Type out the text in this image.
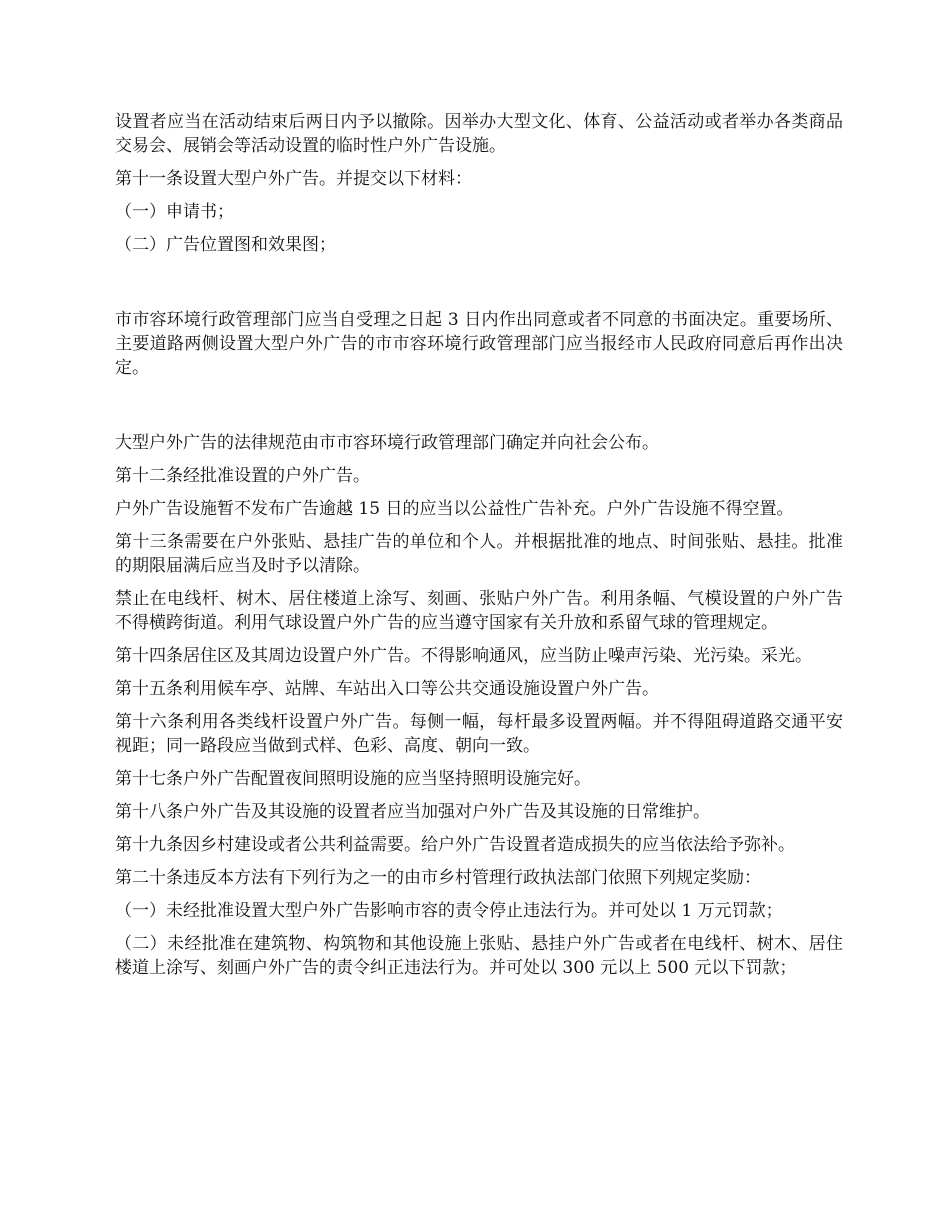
设置者应当在活动结束后两日内予以撤除。因举办大型文化、体育、公益活动或者举办各类商品交易会、展销会等活动设置的临时性户外广告设施。

第十一条设置大型户外广告。并提交以下材料：

（一）申请书；

（二）广告位置图和效果图；

市市容环境行政管理部门应当自受理之日起 3 日内作出同意或者不同意的书面决定。重要场所、主要道路两侧设置大型户外广告的市市容环境行政管理部门应当报经市人民政府同意后再作出决定。

大型户外广告的法律规范由市市容环境行政管理部门确定并向社会公布。

第十二条经批准设置的户外广告。

户外广告设施暂不发布广告逾越 15 日的应当以公益性广告补充。户外广告设施不得空置。

第十三条需要在户外张贴、悬挂广告的单位和个人。并根据批准的地点、时间张贴、悬挂。批准的期限届满后应当及时予以清除。

禁止在电线杆、树木、居住楼道上涂写、刻画、张贴户外广告。利用条幅、气模设置的户外广告不得横跨街道。利用气球设置户外广告的应当遵守国家有关升放和系留气球的管理规定。

第十四条居住区及其周边设置户外广告。不得影响通风，应当防止噪声污染、光污染。采光。

第十五条利用候车亭、站牌、车站出入口等公共交通设施设置户外广告。

第十六条利用各类线杆设置户外广告。每侧一幅，每杆最多设置两幅。并不得阻碍道路交通平安视距；同一路段应当做到式样、色彩、高度、朝向一致。

第十七条户外广告配置夜间照明设施的应当坚持照明设施完好。

第十八条户外广告及其设施的设置者应当加强对户外广告及其设施的日常维护。

第十九条因乡村建设或者公共利益需要。给户外广告设置者造成损失的应当依法给予弥补。

第二十条违反本方法有下列行为之一的由市乡村管理行政执法部门依照下列规定奖励：

（一）未经批准设置大型户外广告影响市容的责令停止违法行为。并可处以 1 万元罚款；

（二）未经批准在建筑物、构筑物和其他设施上张贴、悬挂户外广告或者在电线杆、树木、居住楼道上涂写、刻画户外广告的责令纠正违法行为。并可处以 300 元以上 500 元以下罚款；
